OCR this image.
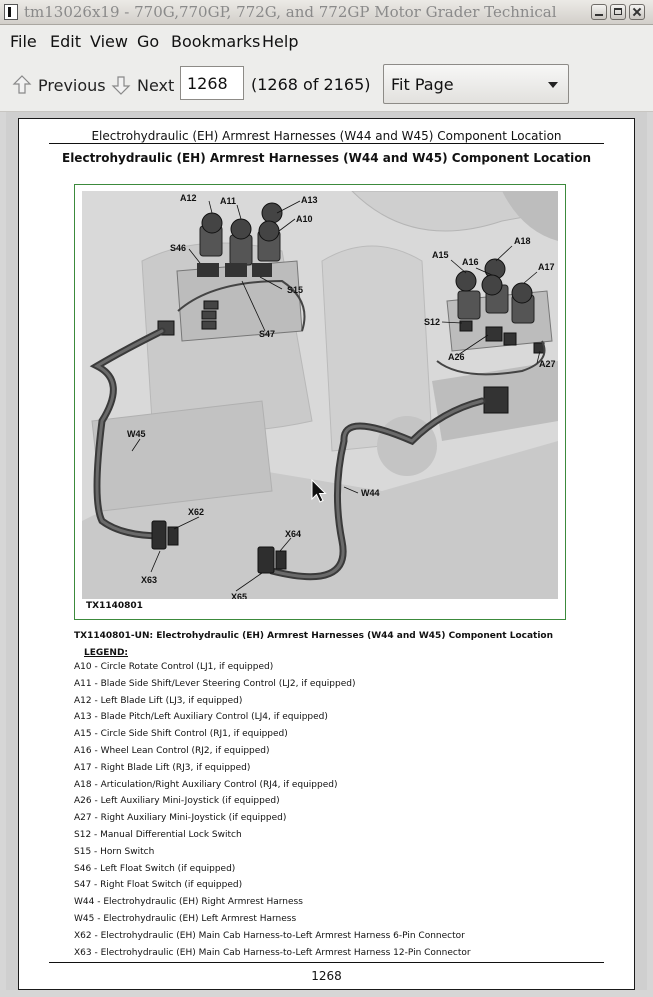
tm13026x19 - 770G,770GP, 772G, and 772GP Motor Grader Technical
File Edit View Go Bookmarks Help
Previous Next
1268	(1268 of 2165) Fit Page
Electrohydraulic (EH) Armrest Harnesses (W44 and W45) Component Location
Electrohydraulic (EH) Armrest Harnesses (W44 and W45) Component Location
A12	A11	A13
A10
S46
S15
S47
A15
A16
A18
A17
S12
A26
A27
W45
W44
X62
X63
X64
X65
TX1140801
TX1140801-UN: Electrohydraulic (EH) Armrest Harnesses (W44 and W45) Component Location
LEGEND:
A10 - Circle Rotate Control (LJ1, if equipped)
A11 - Blade Side Shift/Lever Steering Control (LJ2, if equipped)
A12 - Left Blade Lift (LJ3, if equipped)
A13 - Blade Pitch/Left Auxiliary Control (LJ4, if equipped)
A15 - Circle Side Shift Control (RJ1, if equipped)
A16 - Wheel Lean Control (RJ2, if equipped)
A17 - Right Blade Lift (RJ3, if equipped)
A18 - Articulation/Right Auxiliary Control (RJ4, if equipped)
A26 - Left Auxiliary Mini-Joystick (if equipped)
A27 - Right Auxiliary Mini-Joystick (if equipped)
S12 - Manual Differential Lock Switch
S15 - Horn Switch
S46 - Left Float Switch (if equipped)
S47 - Right Float Switch (if equipped)
W44 - Electrohydraulic (EH) Right Armrest Harness
W45 - Electrohydraulic (EH) Left Armrest Harness
X62 - Electrohydraulic (EH) Main Cab Harness-to-Left Armrest Harness 6-Pin Connector
X63 - Electrohydraulic (EH) Main Cab Harness-to-Left Armrest Harness 12-Pin Connector
1268
